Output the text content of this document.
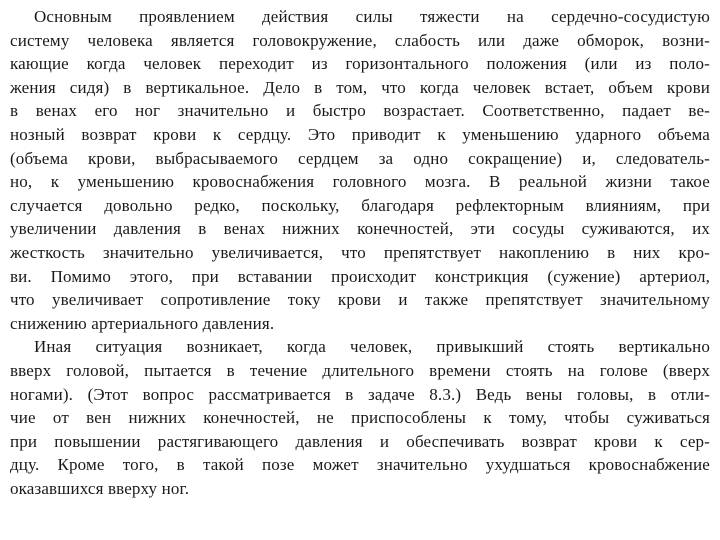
Основным проявлением действия силы тяжести на сердечно-сосудистую
систему человека является головокружение, слабость или даже обморок, возни-
кающие когда человек переходит из горизонтального положения (или из поло-
жения сидя) в вертикальное. Дело в том, что когда человек встает, объем крови
в венах его ног значительно и быстро возрастает. Соответственно, падает ве-
нозный возврат крови к сердцу. Это приводит к уменьшению ударного объема
(объема крови, выбрасываемого сердцем за одно сокращение) и, следователь-
но, к уменьшению кровоснабжения головного мозга. В реальной жизни такое
случается довольно редко, поскольку, благодаря рефлекторным влияниям, при
увеличении давления в венах нижних конечностей, эти сосуды суживаются, их
жесткость значительно увеличивается, что препятствует накоплению в них кро-
ви. Помимо этого, при вставании происходит констрикция (сужение) артериол,
что увеличивает сопротивление току крови и также препятствует значительному
снижению артериального давления.
Иная ситуация возникает, когда человек, привыкший стоять вертикально
вверх головой, пытается в течение длительного времени стоять на голове (вверх
ногами). (Этот вопрос рассматривается в задаче 8.3.) Ведь вены головы, в отли-
чие от вен нижних конечностей, не приспособлены к тому, чтобы суживаться
при повышении растягивающего давления и обеспечивать возврат крови к сер-
дцу. Кроме того, в такой позе может значительно ухудшаться кровоснабжение
оказавшихся вверху ног.
